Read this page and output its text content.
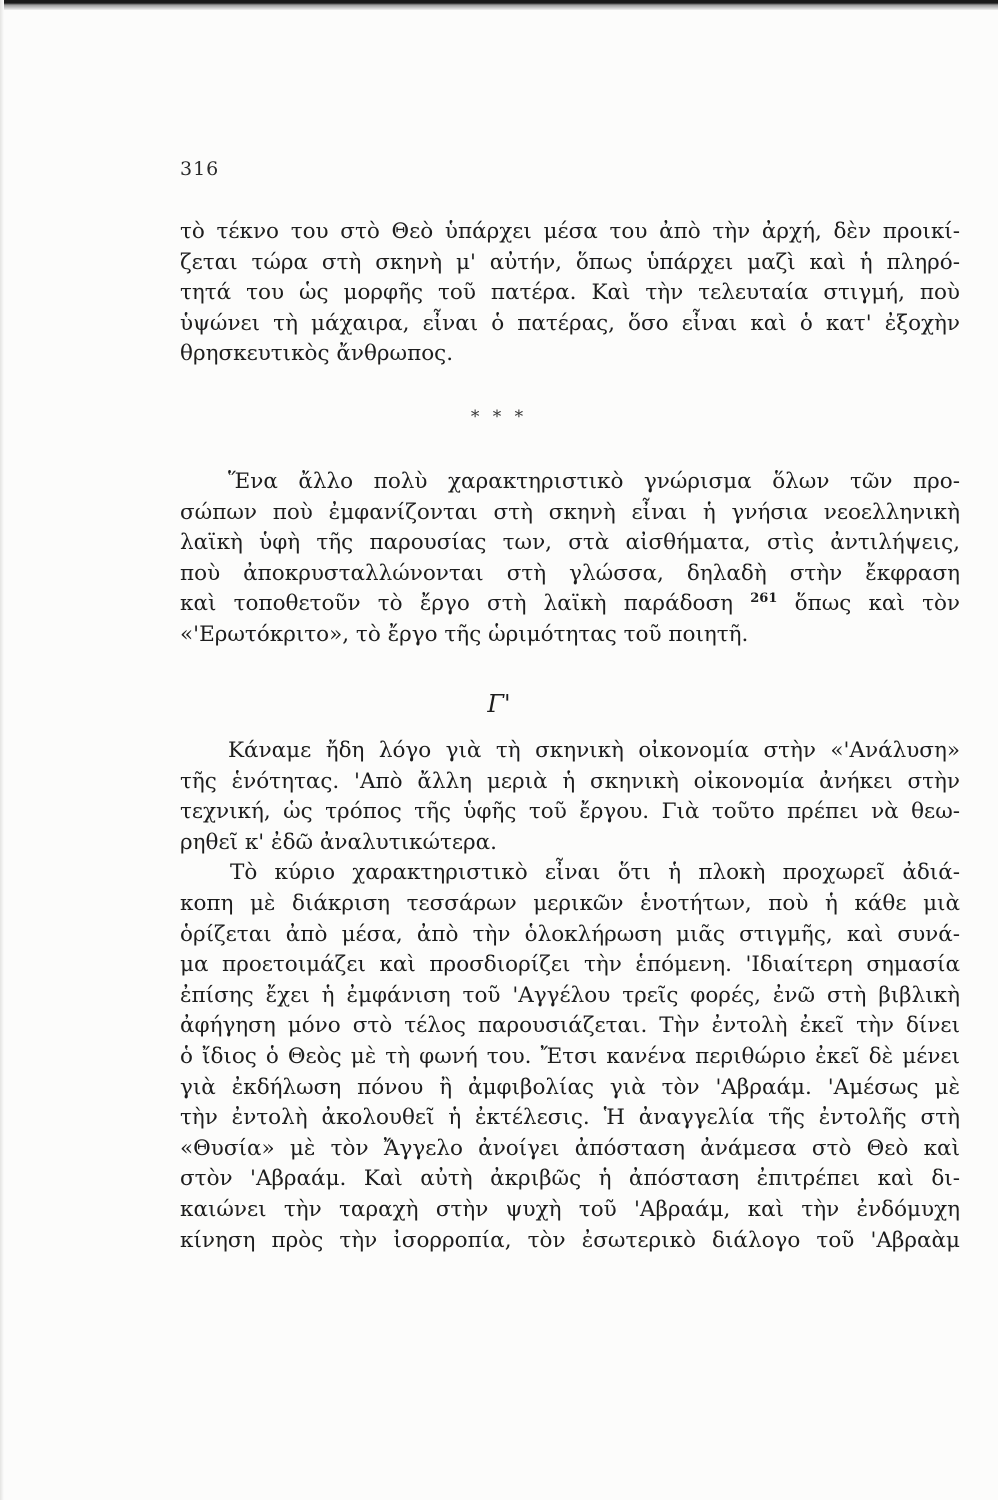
316
τὸ τέκνο του στὸ Θεὸ ὑπάρχει μέσα του ἀπὸ τὴν ἀρχή, δὲν προικί-
ζεται τώρα στὴ σκηνὴ μ' αὐτήν, ὅπως ὑπάρχει μαζὶ καὶ ἡ πληρό-
τητά του ὡς μορφῆς τοῦ πατέρα. Καὶ τὴν τελευταία στιγμή, ποὺ
ὑψώνει τὴ μάχαιρα, εἶναι ὁ πατέρας, ὅσο εἶναι καὶ ὁ κατ' ἐξοχὴν
θρησκευτικὸς ἄνθρωπος.
* * *
Ἕνα ἄλλο πολὺ χαρακτηριστικὸ γνώρισμα ὅλων τῶν προ-
σώπων ποὺ ἐμφανίζονται στὴ σκηνὴ εἶναι ἡ γνήσια νεοελληνικὴ
λαϊκὴ ὑφὴ τῆς παρουσίας των, στὰ αἰσθήματα, στὶς ἀντιλήψεις,
ποὺ ἀποκρυσταλλώνονται στὴ γλώσσα, δηλαδὴ στὴν ἔκφραση
καὶ τοποθετοῦν τὸ ἔργο στὴ λαϊκὴ παράδοση $^{261}$ ὅπως καὶ τὸν
«'Ερωτόκριτο», τὸ ἔργο τῆς ὡριμότητας τοῦ ποιητῆ.
Γ'
Κάναμε ἤδη λόγο γιὰ τὴ σκηνικὴ οἰκονομία στὴν «'Ανάλυση»
τῆς ἑνότητας. 'Απὸ ἄλλη μεριὰ ἡ σκηνικὴ οἰκονομία ἀνήκει στὴν
τεχνική, ὡς τρόπος τῆς ὑφῆς τοῦ ἔργου. Γιὰ τοῦτο πρέπει νὰ θεω-
ρηθεῖ κ' ἐδῶ ἀναλυτικώτερα.
Τὸ κύριο χαρακτηριστικὸ εἶναι ὅτι ἡ πλοκὴ προχωρεῖ ἀδιά-
κοπη μὲ διάκριση τεσσάρων μερικῶν ἑνοτήτων, ποὺ ἡ κάθε μιὰ
ὁρίζεται ἀπὸ μέσα, ἀπὸ τὴν ὁλοκλήρωση μιᾶς στιγμῆς, καὶ συνά-
μα προετοιμάζει καὶ προσδιορίζει τὴν ἑπόμενη. 'Ιδιαίτερη σημασία
ἐπίσης ἔχει ἡ ἐμφάνιση τοῦ 'Αγγέλου τρεῖς φορές, ἐνῶ στὴ βιβλικὴ
ἀφήγηση μόνο στὸ τέλος παρουσιάζεται. Τὴν ἐντολὴ ἐκεῖ τὴν δίνει
ὁ ἴδιος ὁ Θεὸς μὲ τὴ φωνή του. Ἔτσι κανένα περιθώριο ἐκεῖ δὲ μένει
γιὰ ἐκδήλωση πόνου ἢ ἀμφιβολίας γιὰ τὸν 'Αβραάμ. 'Αμέσως μὲ
τὴν ἐντολὴ ἀκολουθεῖ ἡ ἐκτέλεσις. Ἡ ἀναγγελία τῆς ἐντολῆς στὴ
«Θυσία» μὲ τὸν Ἄγγελο ἀνοίγει ἀπόσταση ἀνάμεσα στὸ Θεὸ καὶ
στὸν 'Αβραάμ. Καὶ αὐτὴ ἀκριβῶς ἡ ἀπόσταση ἐπιτρέπει καὶ δι-
καιώνει τὴν ταραχὴ στὴν ψυχὴ τοῦ 'Αβραάμ, καὶ τὴν ἐνδόμυχη
κίνηση πρὸς τὴν ἰσορροπία, τὸν ἐσωτερικὸ διάλογο τοῦ 'Αβραὰμ
